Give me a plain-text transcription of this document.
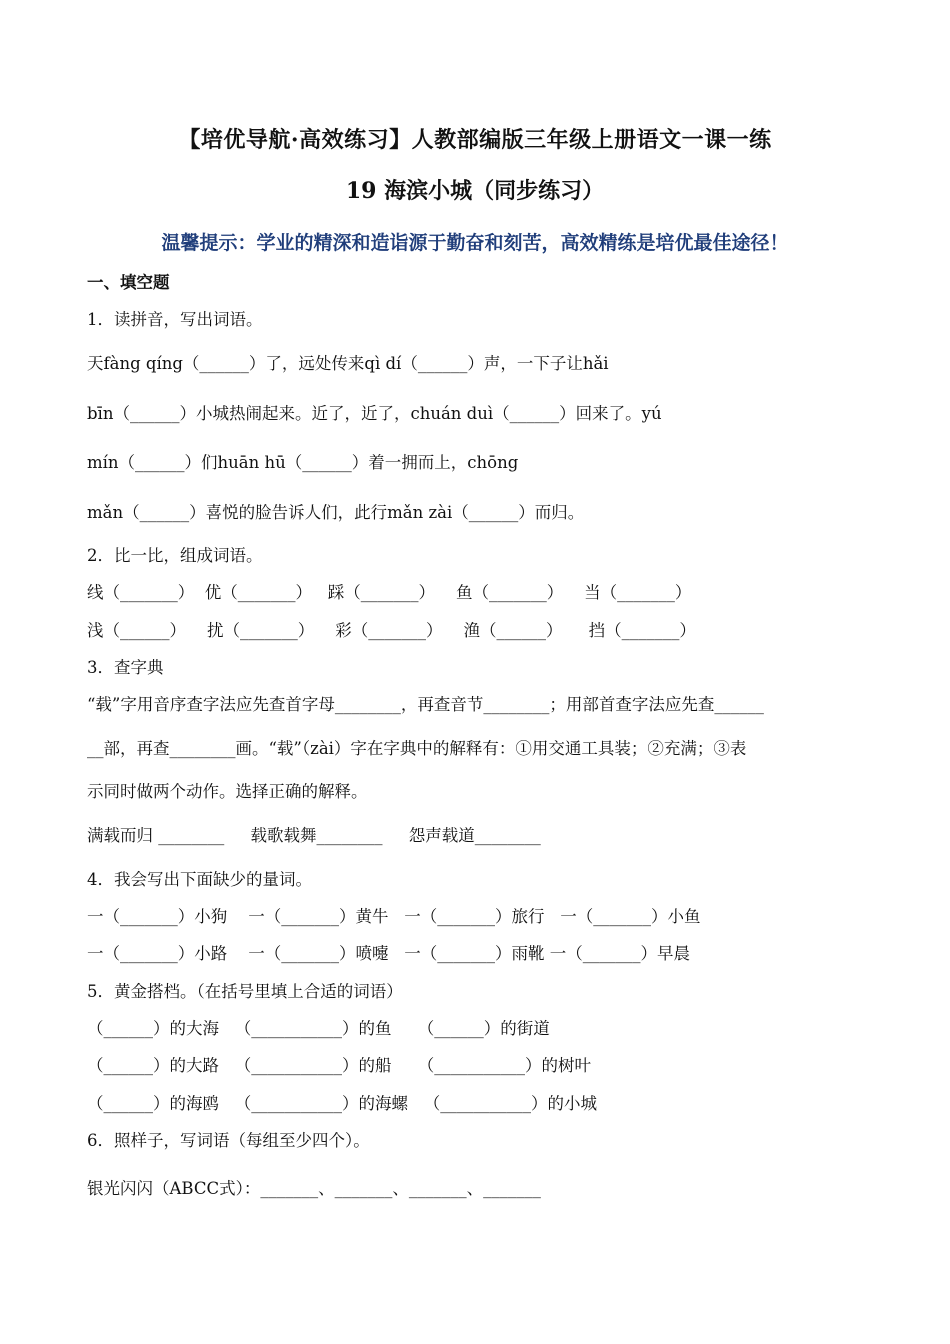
【培优导航·高效练习】人教部编版三年级上册语文一课一练
19 海滨小城（同步练习）
温馨提示：学业的精深和造诣源于勤奋和刻苦，高效精练是培优最佳途径！
一、填空题
1．读拼音，写出词语。
天fàng qíng（______）了，远处传来qì dí（______）声，一下子让hǎi
bīn（______）小城热闹起来。近了，近了，chuán duì（______）回来了。yú
mín（______）们huān hū（______）着一拥而上，chōng
mǎn（______）喜悦的脸告诉人们，此行mǎn zài（______）而归。
2．比一比，组成词语。
线（_______）  优（_______）   踩（_______）    鱼（_______）    当（_______）
浅（______）    扰（_______）    彩（_______）    渔（______）     挡（_______）
3．查字典
“载”字用音序查字法应先查首字母________，再查音节________；用部首查字法应先查______
__部，再查________画。“载”（zài）字在字典中的解释有：①用交通工具装；②充满；③表
示同时做两个动作。选择正确的解释。
满载而归 ________     载歌载舞________     怨声载道________
4．我会写出下面缺少的量词。
一（_______）小狗    一（_______）黄牛   一（_______）旅行   一（_______）小鱼
一（_______）小路    一（_______）喷嚏   一（_______）雨靴 一（_______）早晨
5．黄金搭档。（在括号里填上合适的词语）
（______）的大海   （___________）的鱼     （______）的街道
（______）的大路   （___________）的船     （___________）的树叶
（______）的海鸥   （___________）的海螺   （___________）的小城
6．照样子，写词语（每组至少四个）。
银光闪闪（ABCC式）：_______、_______、_______、_______
